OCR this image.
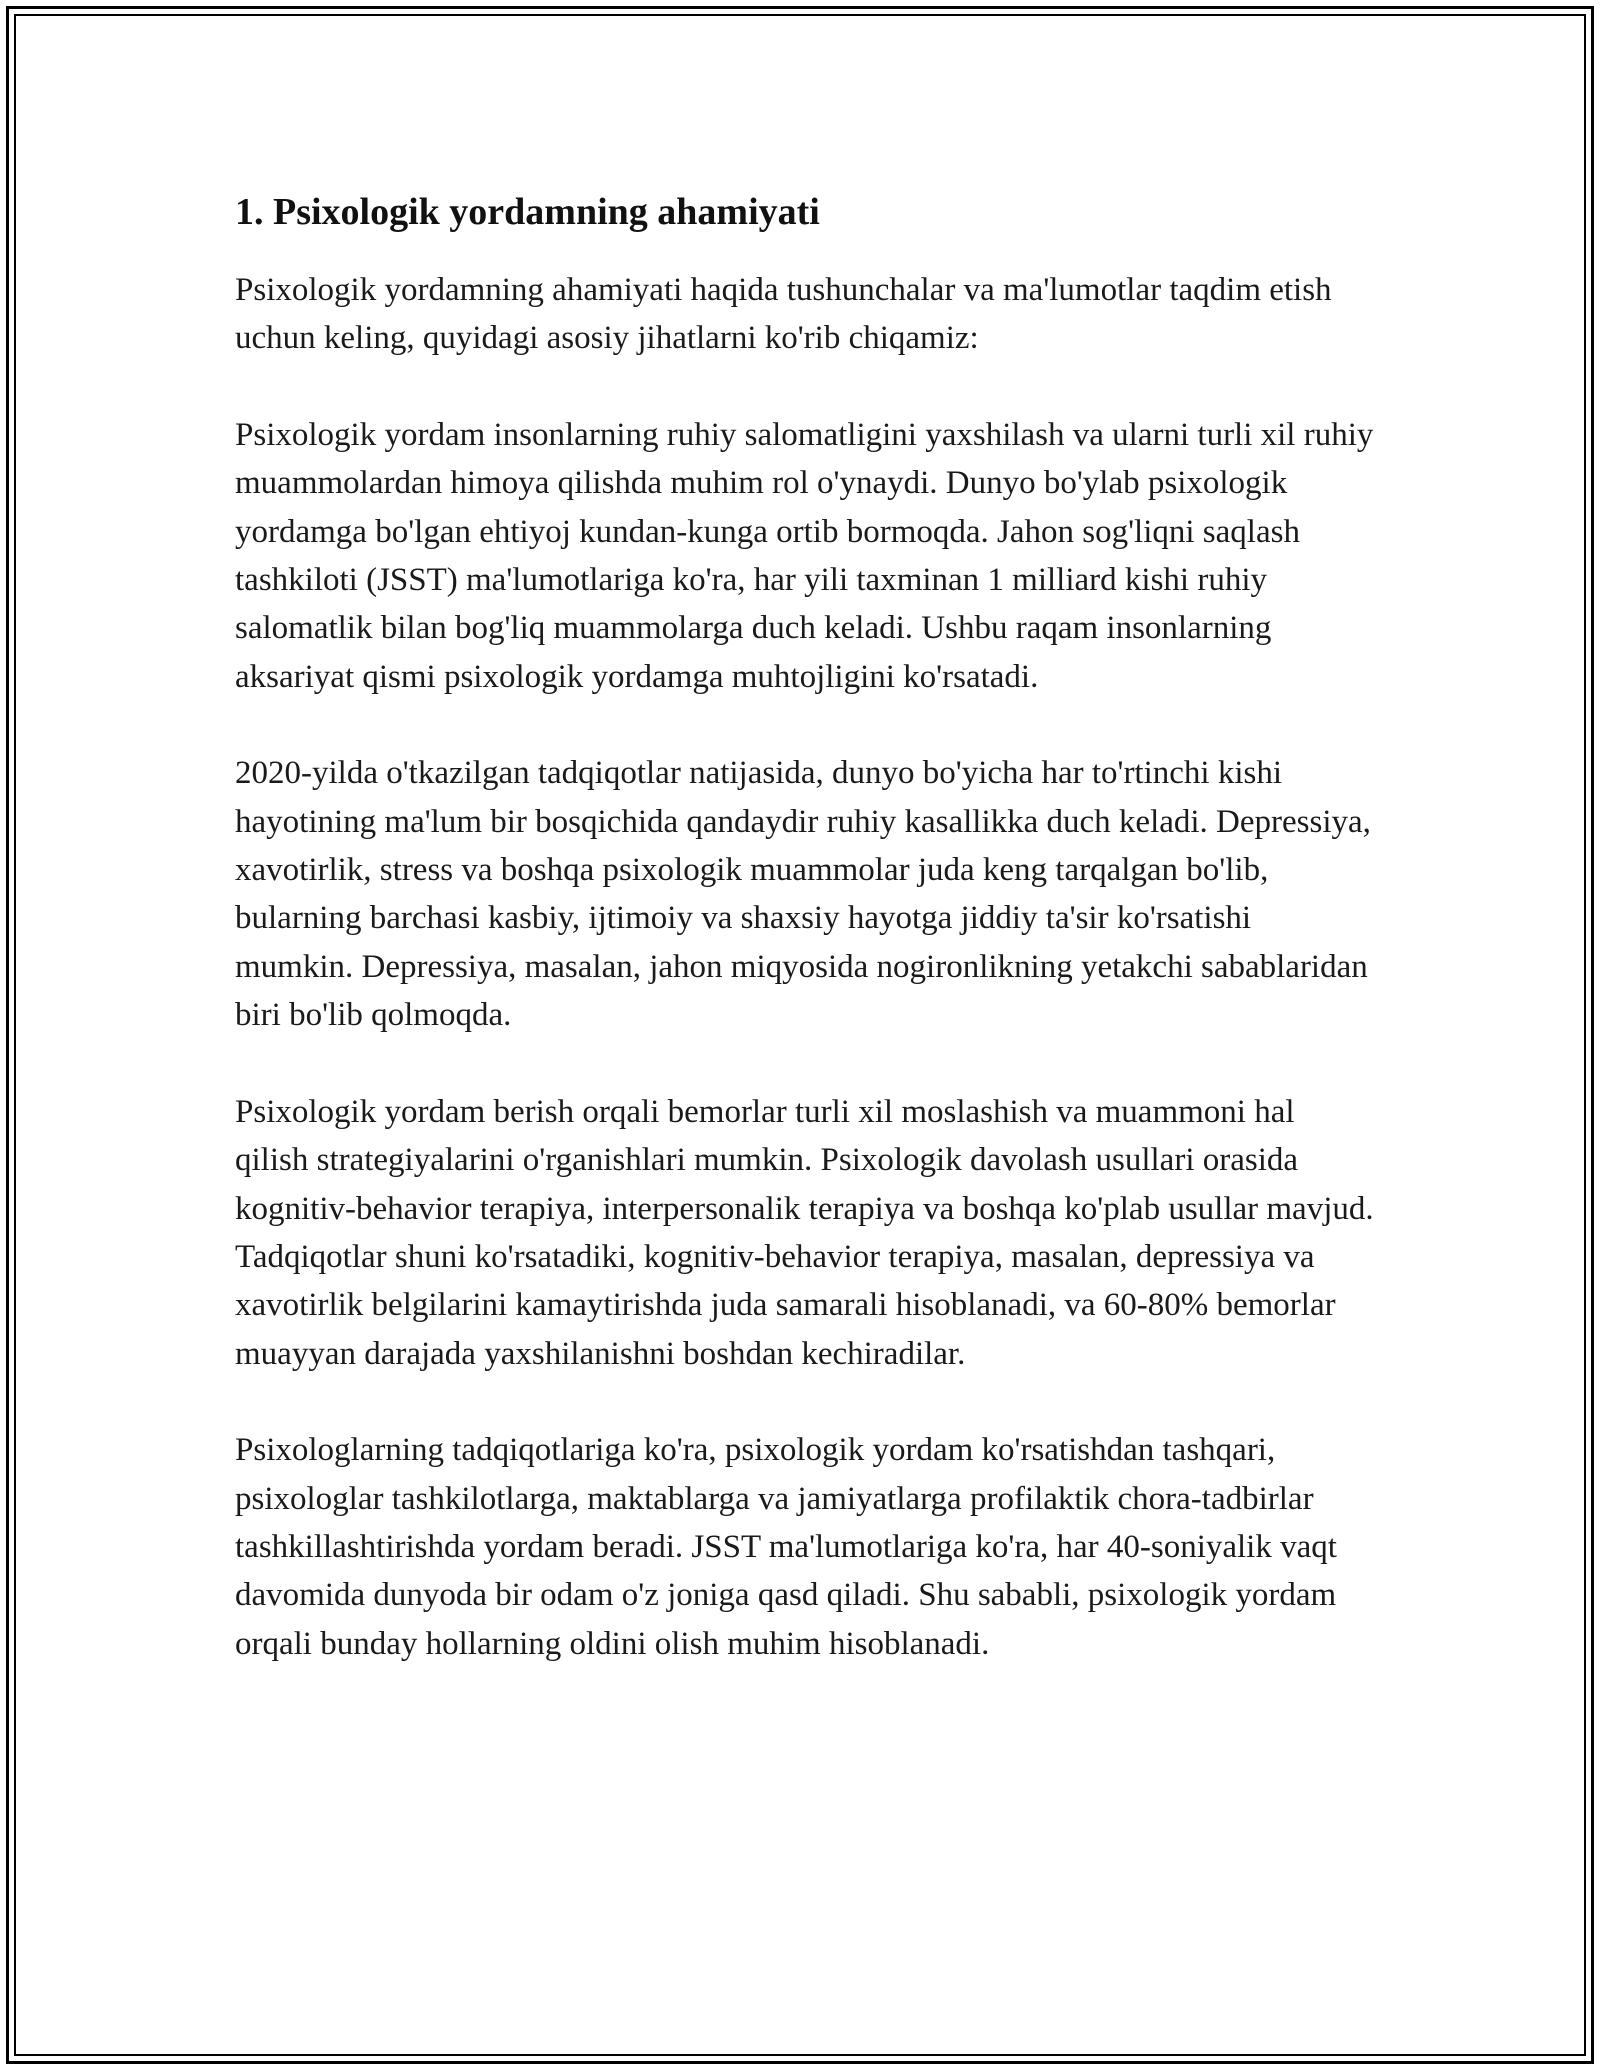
1. Psixologik yordamning ahamiyati

Psixologik yordamning ahamiyati haqida tushunchalar va ma'lumotlar taqdim etish uchun keling, quyidagi asosiy jihatlarni ko'rib chiqamiz:

Psixologik yordam insonlarning ruhiy salomatligini yaxshilash va ularni turli xil ruhiy muammolardan himoya qilishda muhim rol o'ynaydi. Dunyo bo'ylab psixologik yordamga bo'lgan ehtiyoj kundan-kunga ortib bormoqda. Jahon sog'liqni saqlash tashkiloti (JSST) ma'lumotlariga ko'ra, har yili taxminan 1 milliard kishi ruhiy salomatlik bilan bog'liq muammolarga duch keladi. Ushbu raqam insonlarning aksariyat qismi psixologik yordamga muhtojligini ko'rsatadi.

2020-yilda o'tkazilgan tadqiqotlar natijasida, dunyo bo'yicha har to'rtinchi kishi hayotining ma'lum bir bosqichida qandaydir ruhiy kasallikka duch keladi. Depressiya, xavotirlik, stress va boshqa psixologik muammolar juda keng tarqalgan bo'lib, bularning barchasi kasbiy, ijtimoiy va shaxsiy hayotga jiddiy ta'sir ko'rsatishi mumkin. Depressiya, masalan, jahon miqyosida nogironlikning yetakchi sabablaridan biri bo'lib qolmoqda.

Psixologik yordam berish orqali bemorlar turli xil moslashish va muammoni hal qilish strategiyalarini o'rganishlari mumkin. Psixologik davolash usullari orasida kognitiv-behavior terapiya, interpersonalik terapiya va boshqa ko'plab usullar mavjud. Tadqiqotlar shuni ko'rsatadiki, kognitiv-behavior terapiya, masalan, depressiya va xavotirlik belgilarini kamaytirishda juda samarali hisoblanadi, va 60-80% bemorlar muayyan darajada yaxshilanishni boshdan kechiradilar.

Psixologlarning tadqiqotlariga ko'ra, psixologik yordam ko'rsatishdan tashqari, psixologlar tashkilotlarga, maktablarga va jamiyatlarga profilaktik chora-tadbirlar tashkillashtirishda yordam beradi. JSST ma'lumotlariga ko'ra, har 40-soniyalik vaqt davomida dunyoda bir odam o'z joniga qasd qiladi. Shu sababli, psixologik yordam orqali bunday hollarning oldini olish muhim hisoblanadi.
